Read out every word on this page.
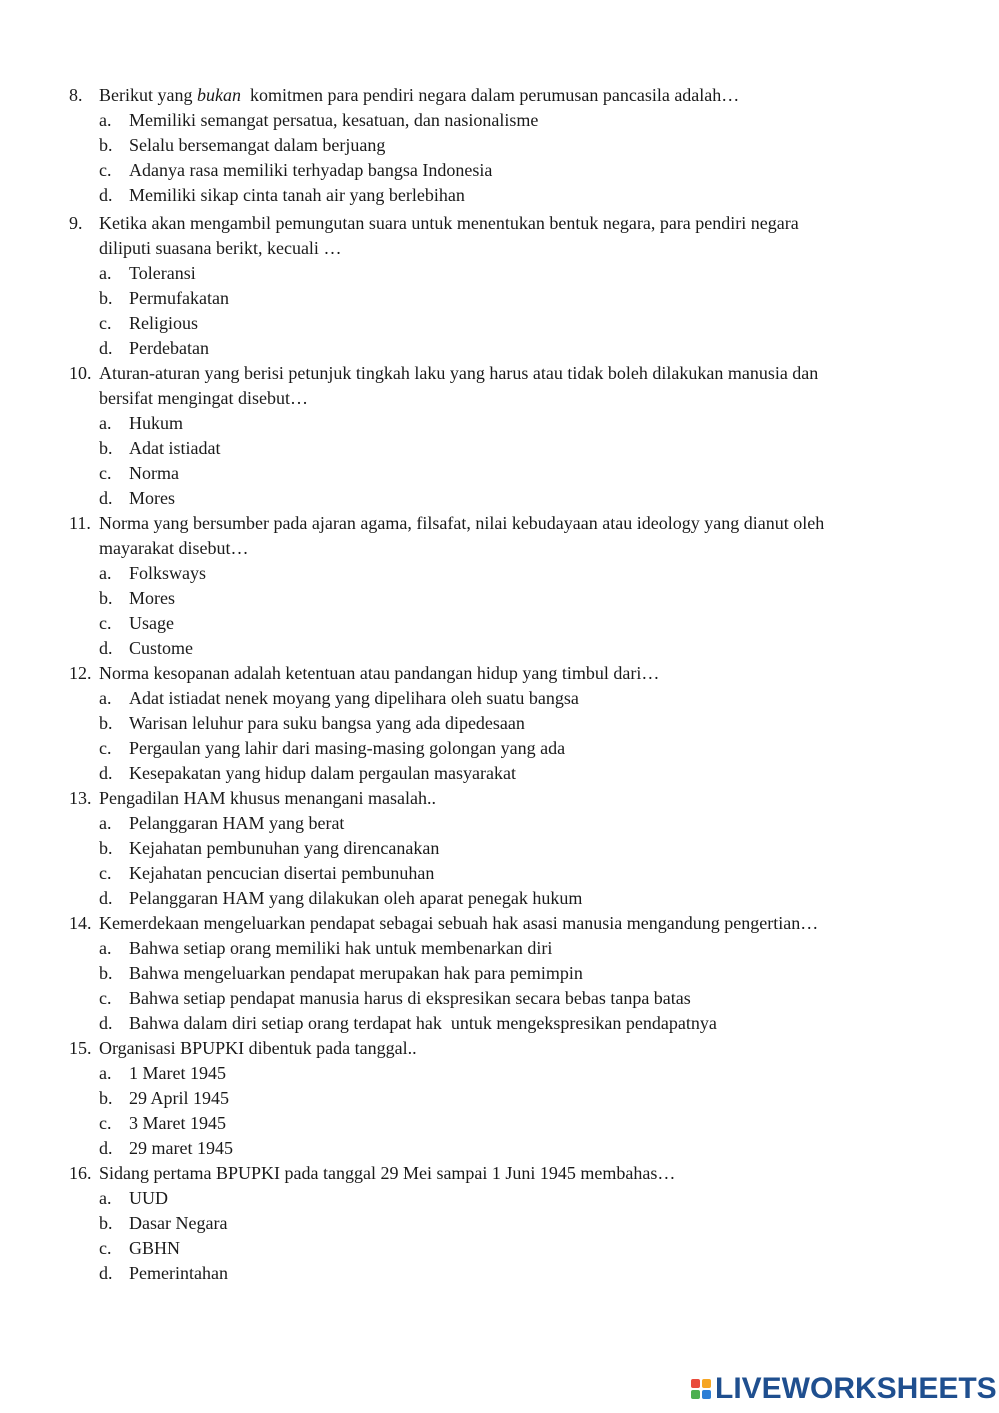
8. Berikut yang bukan  komitmen para pendiri negara dalam perumusan pancasila adalah…
a. Memiliki semangat persatua, kesatuan, dan nasionalisme
b. Selalu bersemangat dalam berjuang
c. Adanya rasa memiliki terhyadap bangsa Indonesia
d. Memiliki sikap cinta tanah air yang berlebihan
9. Ketika akan mengambil pemungutan suara untuk menentukan bentuk negara, para pendiri negara diliputi suasana berikt, kecuali …
a. Toleransi
b. Permufakatan
c. Religious
d. Perdebatan
10. Aturan-aturan yang berisi petunjuk tingkah laku yang harus atau tidak boleh dilakukan manusia dan bersifat mengingat disebut…
a. Hukum
b. Adat istiadat
c. Norma
d. Mores
11. Norma yang bersumber pada ajaran agama, filsafat, nilai kebudayaan atau ideology yang dianut oleh mayarakat disebut…
a. Folksways
b. Mores
c. Usage
d. Custome
12. Norma kesopanan adalah ketentuan atau pandangan hidup yang timbul dari…
a. Adat istiadat nenek moyang yang dipelihara oleh suatu bangsa
b. Warisan leluhur para suku bangsa yang ada dipedesaan
c. Pergaulan yang lahir dari masing-masing golongan yang ada
d. Kesepakatan yang hidup dalam pergaulan masyarakat
13. Pengadilan HAM khusus menangani masalah..
a. Pelanggaran HAM yang berat
b. Kejahatan pembunuhan yang direncanakan
c. Kejahatan pencucian disertai pembunuhan
d. Pelanggaran HAM yang dilakukan oleh aparat penegak hukum
14. Kemerdekaan mengeluarkan pendapat sebagai sebuah hak asasi manusia mengandung pengertian…
a. Bahwa setiap orang memiliki hak untuk membenarkan diri
b. Bahwa mengeluarkan pendapat merupakan hak para pemimpin
c. Bahwa setiap pendapat manusia harus di ekspresikan secara bebas tanpa batas
d. Bahwa dalam diri setiap orang terdapat hak  untuk mengekspresikan pendapatnya
15. Organisasi BPUPKI dibentuk pada tanggal..
a. 1 Maret 1945
b. 29 April 1945
c. 3 Maret 1945
d. 29 maret 1945
16. Sidang pertama BPUPKI pada tanggal 29 Mei sampai 1 Juni 1945 membahas…
a. UUD
b. Dasar Negara
c. GBHN
d. Pemerintahan
LIVEWORKSHEETS
